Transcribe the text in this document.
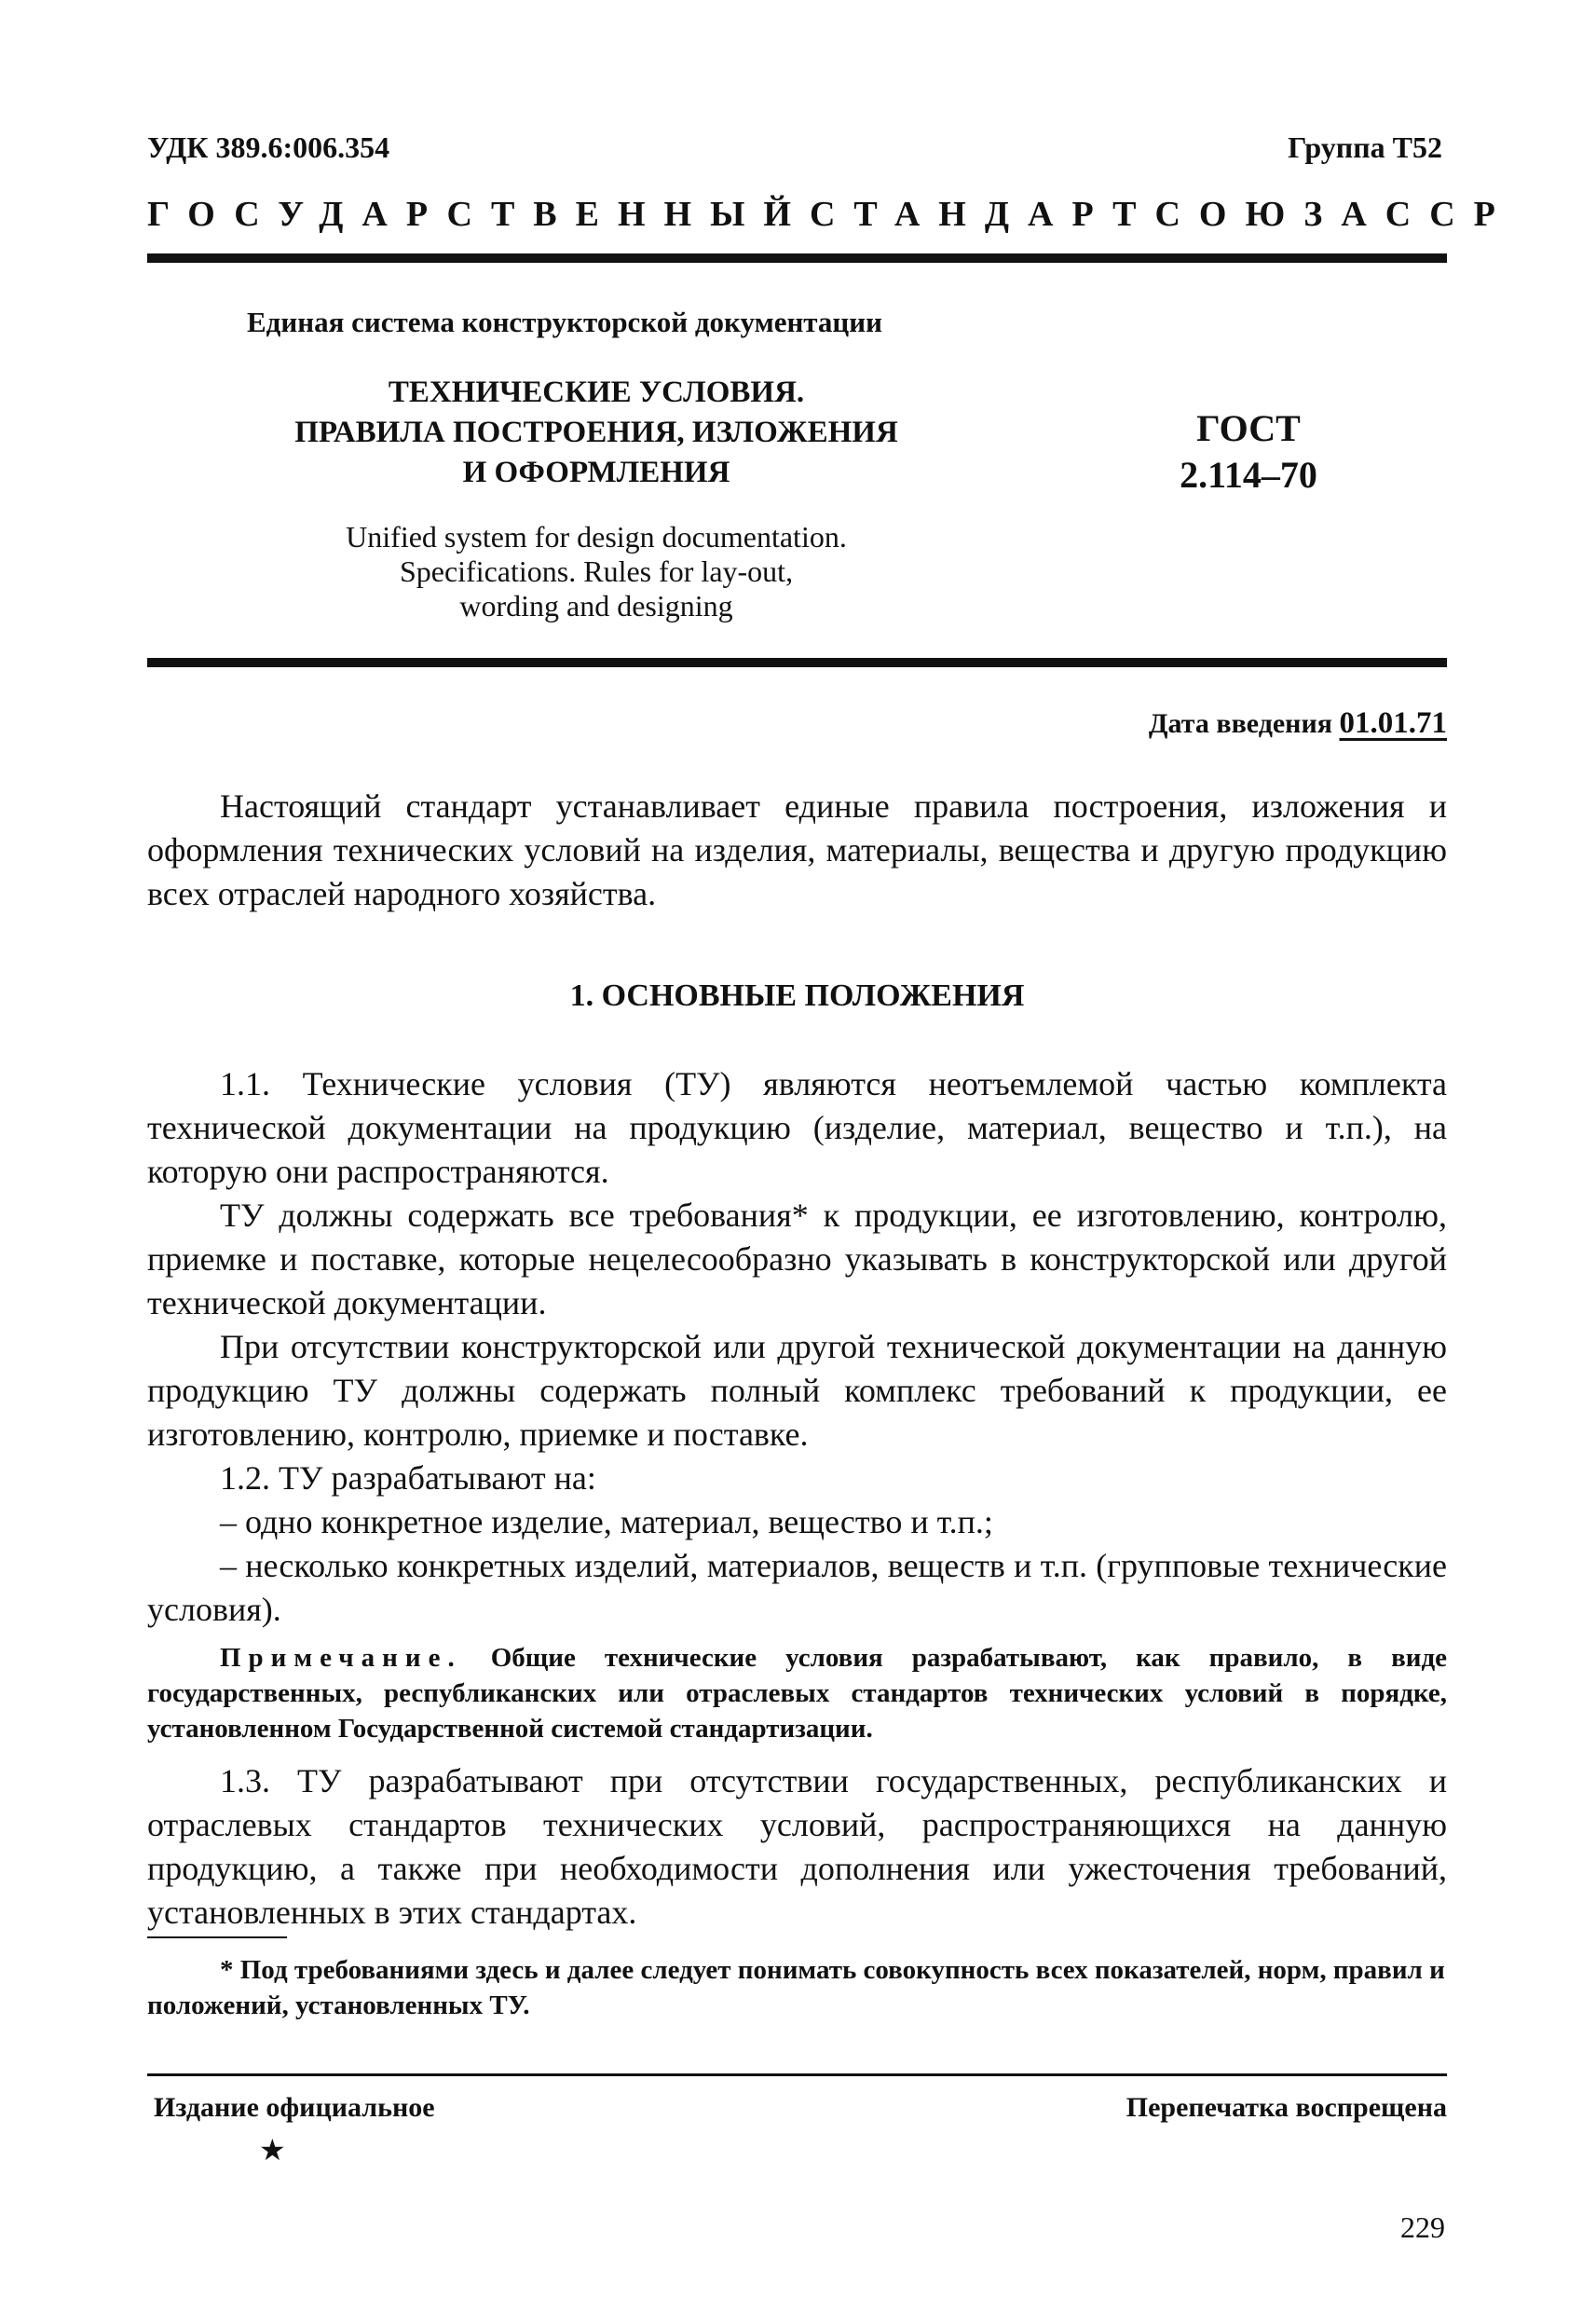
УДК 389.6:006.354	Группа Т52
ГОСУДАРСТВЕННЫЙ СТАНДАРТ СОЮЗА ССР
Единая система конструкторской документации
ТЕХНИЧЕСКИЕ УСЛОВИЯ.
ПРАВИЛА ПОСТРОЕНИЯ, ИЗЛОЖЕНИЯ
И ОФОРМЛЕНИЯ
ГОСТ
2.114–70
Unified system for design documentation.
Specifications. Rules for lay-out,
wording and designing
Дата введения 01.01.71
Настоящий стандарт устанавливает единые правила построения, изложения и оформления технических условий на изделия, материалы, вещества и другую продукцию всех отраслей народного хозяйства.
1. ОСНОВНЫЕ ПОЛОЖЕНИЯ
1.1. Технические условия (ТУ) являются неотъемлемой частью комплекта технической документации на продукцию (изделие, материал, вещество и т.п.), на которую они распространяются.
ТУ должны содержать все требования* к продукции, ее изготовлению, контролю, приемке и поставке, которые нецелесообразно указывать в конструкторской или другой технической документации.
При отсутствии конструкторской или другой технической документации на данную продукцию ТУ должны содержать полный комплекс требований к продукции, ее изготовлению, контролю, приемке и поставке.
1.2. ТУ разрабатывают на:
– одно конкретное изделие, материал, вещество и т.п.;
– несколько конкретных изделий, материалов, веществ и т.п. (групповые технические условия).
Примечание. Общие технические условия разрабатывают, как правило, в виде государственных, республиканских или отраслевых стандартов технических условий в порядке, установленном Государственной системой стандартизации.
1.3. ТУ разрабатывают при отсутствии государственных, республиканских и отраслевых стандартов технических условий, распространяющихся на данную продукцию, а также при необходимости дополнения или ужесточения требований, установленных в этих стандартах.
* Под требованиями здесь и далее следует понимать совокупность всех показателей, норм, правил и положений, установленных ТУ.
Издание официальное	Перепечатка воспрещена
★
229
